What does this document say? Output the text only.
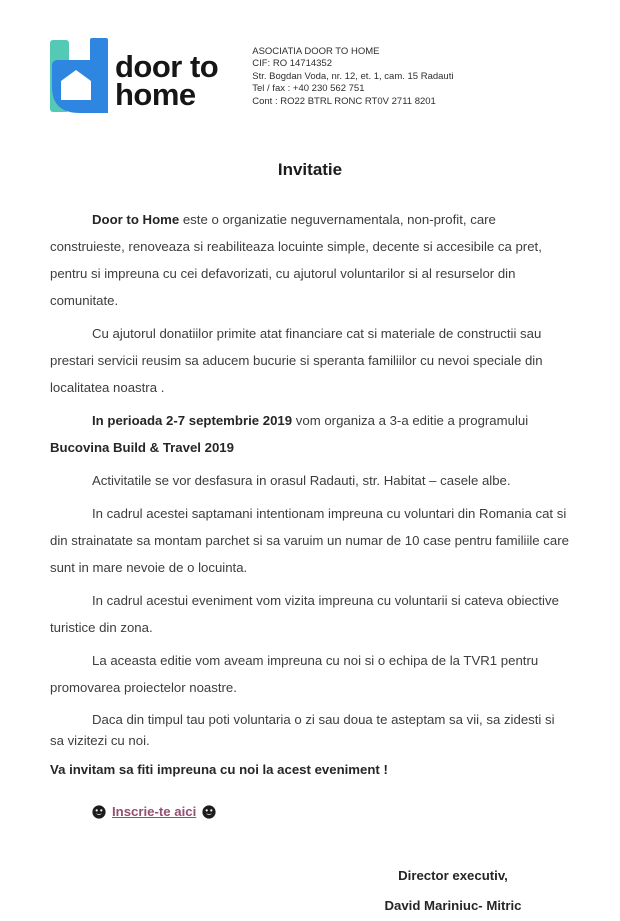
door to
home
ASOCIATIA DOOR TO HOME
CIF: RO 14714352
Str. Bogdan Voda, nr. 12, et. 1, cam. 15 Radauti
Tel / fax : +40 230 562 751
Cont : RO22 BTRL RONC RT0V 2711 8201
Invitatie

Door to Home este o organizatie neguvernamentala, non-profit, care construieste, renoveaza si reabiliteaza locuinte simple, decente si accesibile ca pret, pentru si impreuna cu cei defavorizati, cu ajutorul voluntarilor si al resurselor din comunitate.

Cu ajutorul donatiilor primite atat financiare cat si materiale de constructii sau prestari servicii reusim sa aducem bucurie si speranta familiilor cu nevoi speciale din localitatea noastra .

In perioada 2-7 septembrie 2019 vom organiza a 3-a editie a programului Bucovina Build & Travel 2019

Activitatile se vor desfasura in orasul Radauti, str. Habitat – casele albe.

In cadrul acestei saptamani intentionam impreuna cu voluntari din Romania cat si din strainatate sa montam parchet si sa varuim un numar de 10 case pentru familiile care sunt in mare nevoie de o locuinta.

In cadrul acestui eveniment vom vizita impreuna cu voluntarii si cateva obiective turistice din zona.

La aceasta editie vom aveam impreuna cu noi si o echipa de la TVR1 pentru promovarea proiectelor noastre.

Daca din timpul tau poti voluntaria o zi sau doua te asteptam sa vii, sa zidesti si sa vizitezi cu noi.

Va invitam sa fiti impreuna cu noi la acest eveniment !

Inscrie-te aici
Director executiv,
David Mariniuc- Mitric
